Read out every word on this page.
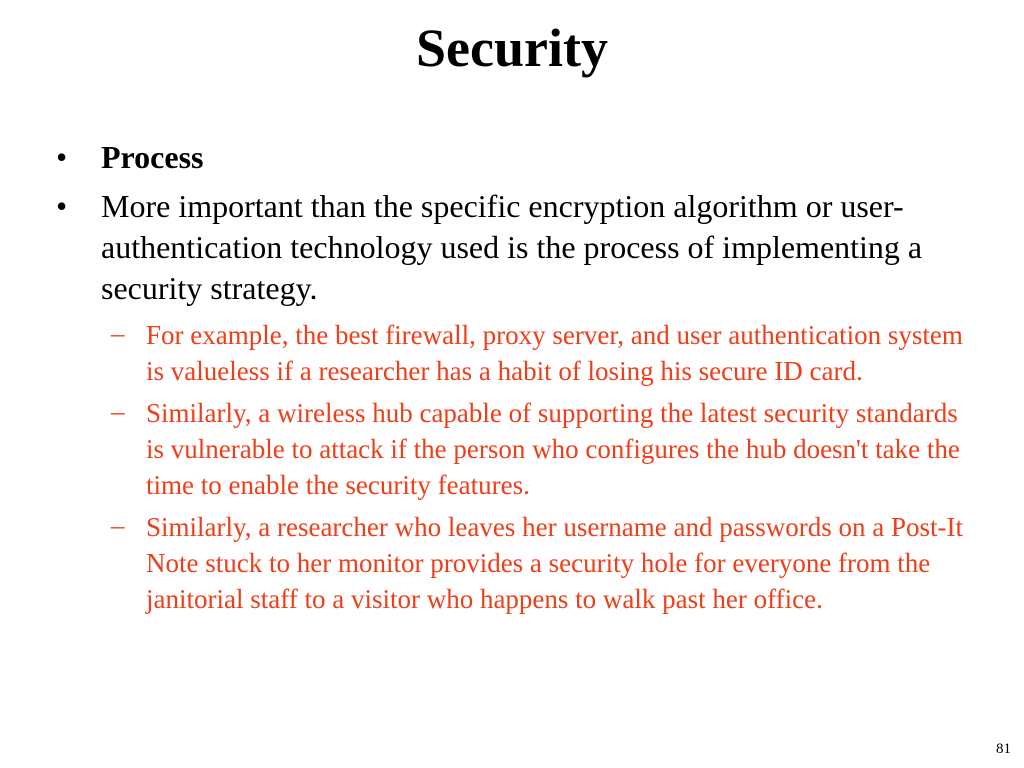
Security
• Process
• More important than the specific encryption algorithm or user-authentication technology used is the process of implementing a security strategy.
– For example, the best firewall, proxy server, and user authentication system is valueless if a researcher has a habit of losing his secure ID card.
– Similarly, a wireless hub capable of supporting the latest security standards is vulnerable to attack if the person who configures the hub doesn't take the time to enable the security features.
– Similarly, a researcher who leaves her username and passwords on a Post-It Note stuck to her monitor provides a security hole for everyone from the janitorial staff to a visitor who happens to walk past her office.
81
